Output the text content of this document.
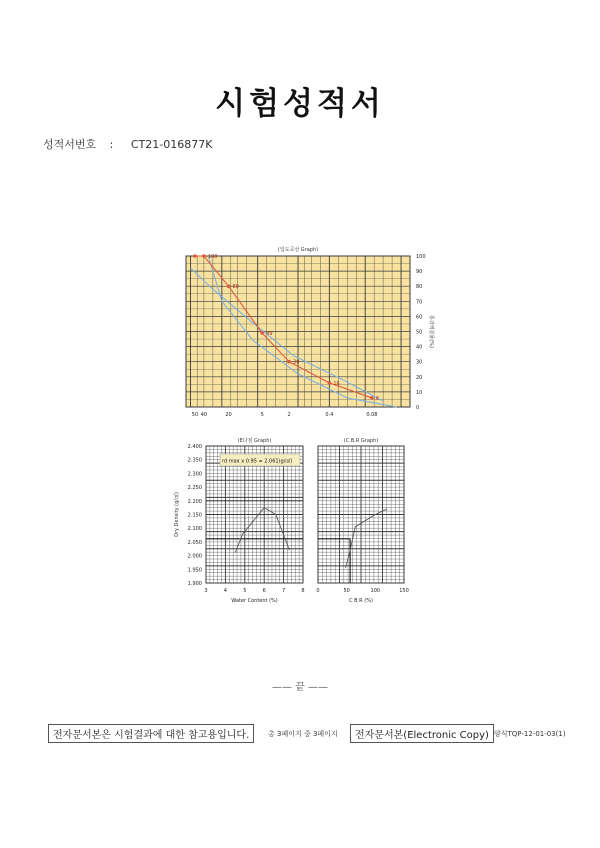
시험성적서
성적서번호 : CT21-016877K
(입도곡선 Graph)
50 40	20	5	2	0.4	0.08
0
10
20
30
40
50
60
70
80
90
100
통과백분율(%)
100
80
49
30
16
6
(E다짐 Graph)
2.400
2.350
2.300
2.250
2.200
2.150
2.100
2.050
2.000
1.950
1.900
3	4	5	6	7	8
Water Content (%)
Dry Density (g/㎤)
rd max x 0.95 = 2.061(g/㎤)
(C.B.R Graph)
0	50	100	150
C B R (%)
—— 끝 ——
전자문서본은 시험결과에 대한 참고용입니다.	총 3페이지 중 3페이지	전자문서본(Electronic Copy) 양식TQP-12-01-03(1)
